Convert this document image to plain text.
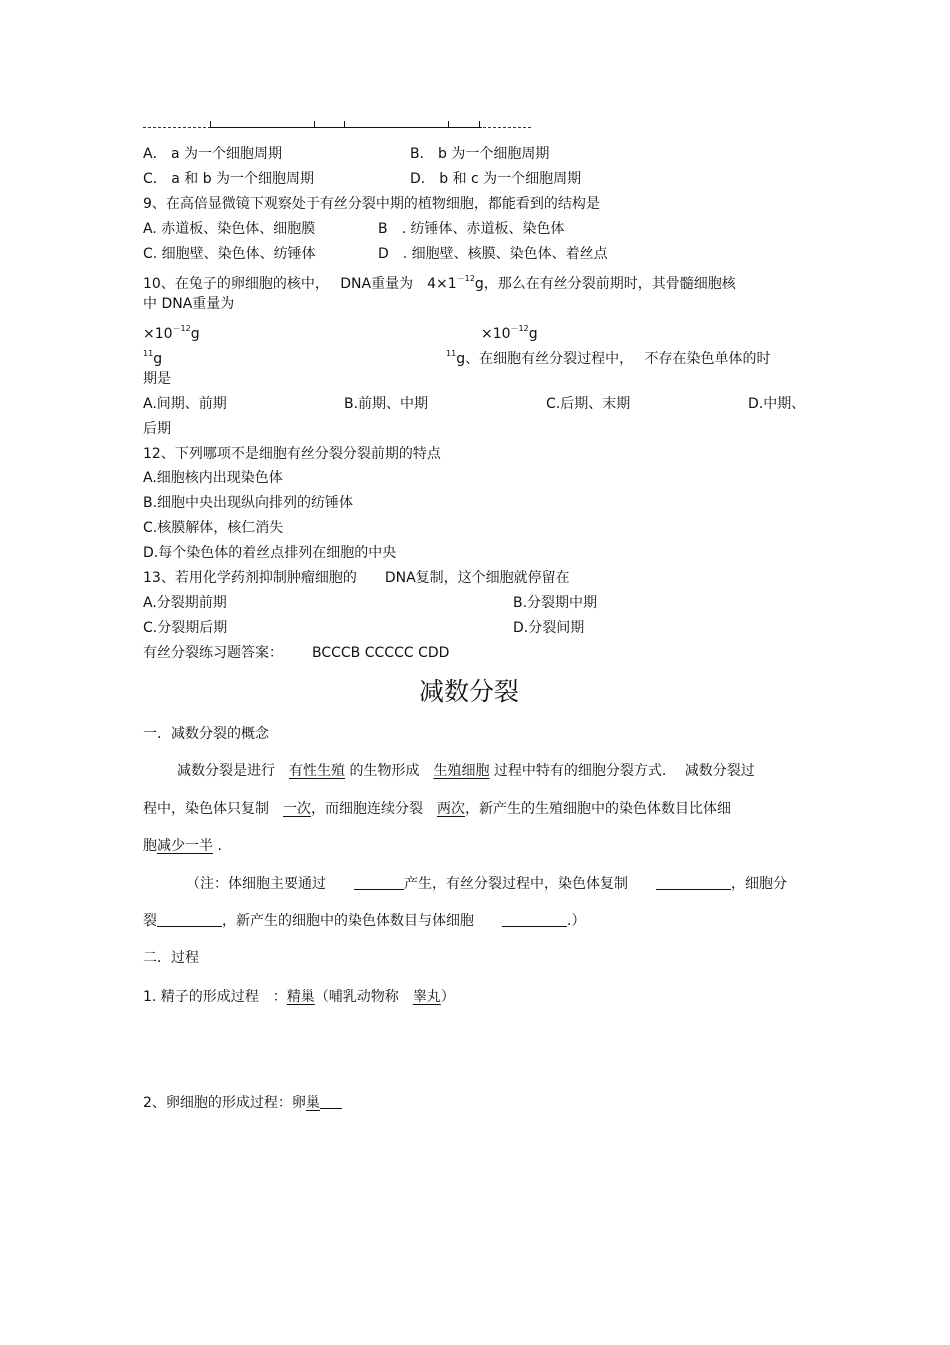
A． a 为一个细胞周期	B． b 为一个细胞周期
C． a 和 b 为一个细胞周期	D． b 和 c 为一个细胞周期
9、在高倍显微镜下观察处于有丝分裂中期的植物细胞，都能看到的结构是
A. 赤道板、染色体、细胞膜	B　. 纺锤体、赤道板、染色体
C. 细胞壁、染色体、纺锤体	D　. 细胞壁、核膜、染色体、着丝点
10、在兔子的卵细胞的核中，　 DNA重量为　$4\times 1^{-12}g$，那么在有丝分裂前期时，其骨髓细胞核
中 DNA重量为
$\times 10^{-12}g$	$\times 10^{-12}g$
$^{11}$g	$^{11}$g、在细胞有丝分裂过程中，　 不存在染色单体的时
期是
A.间期、前期	B.前期、中期	C.后期、末期	D.中期、
后期
12、下列哪项不是细胞有丝分裂分裂前期的特点
A.细胞核内出现染色体
B.细胞中央出现纵向排列的纺锤体
C.核膜解体，核仁消失
D.每个染色体的着丝点排列在细胞的中央
13、若用化学药剂抑制肿瘤细胞的　　DNA复制，这个细胞就停留在
A.分裂期前期	B.分裂期中期
C.分裂期后期	D.分裂间期
有丝分裂练习题答案： BCCCB CCCCC CDD
减数分裂
一．减数分裂的概念
减数分裂是进行　有性生殖 的生物形成　生殖细胞 过程中特有的细胞分裂方式.　 减数分裂过
程中，染色体只复制　一次，而细胞连续分裂　两次，新产生的生殖细胞中的染色体数目比体细
胞减少一半 .
（注：体细胞主要通过　　	产生，有丝分裂过程中，染色体复制　　	，细胞分
裂	，新产生的细胞中的染色体数目与体细胞　　	.）
二．过程
1. 精子的形成过程　：精巢（哺乳动物称　睾丸）
2、卵细胞的形成过程：卵巢
